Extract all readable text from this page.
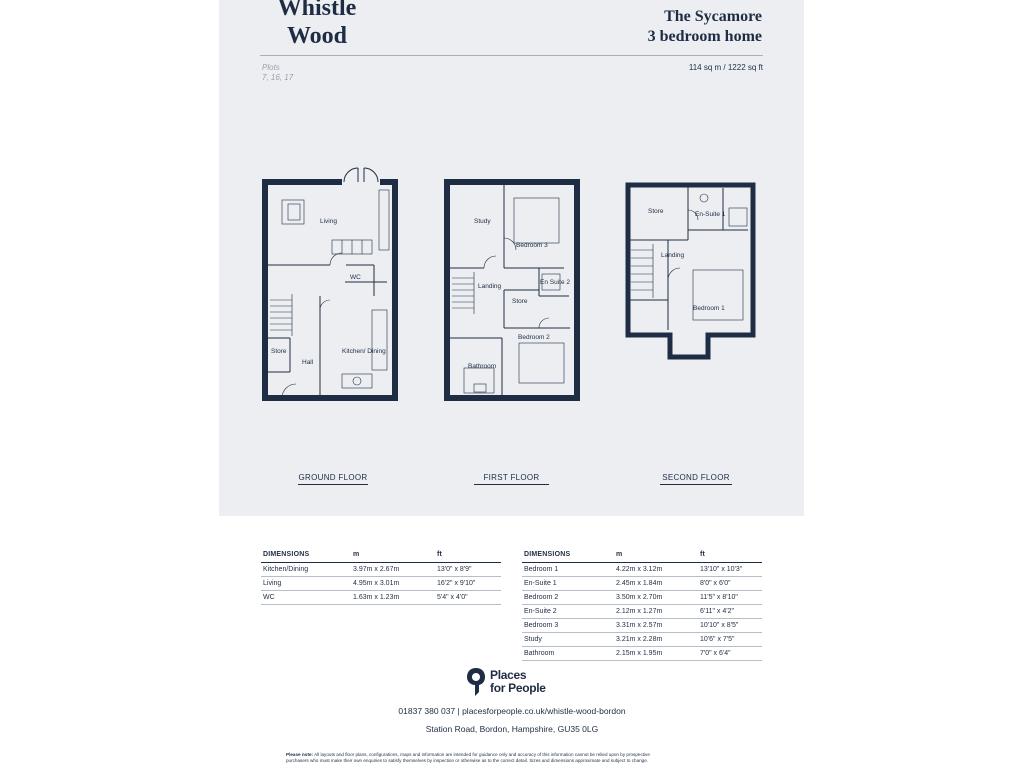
Whistle
Wood
The Sycamore
3 bedroom home
Plots
7, 16, 17
114 sq m / 1222 sq ft
Living
WC
Store
Hall
Kitchen/ Dining
Study
Bedroom 3
Landing
En Suite 2
Store
Bedroom 2
Bathroom
Store	En-Suite 1
Landing
Bedroom 1
GROUND FLOOR	FIRST FLOOR	SECOND FLOOR
DIMENSIONS	m	ft
Kitchen/Dining	3.97m x 2.67m	13'0" x 8'9"
Living	4.95m x 3.01m	16'2" x 9'10"
WC	1.63m x 1.23m	5'4" x 4'0"
DIMENSIONS	m	ft
Bedroom 1	4.22m x 3.12m	13'10" x 10'3"
En-Suite 1	2.45m x 1.84m	8'0" x 6'0"
Bedroom 2	3.50m x 2.70m	11'5" x 8'10"
En-Suite 2	2.12m x 1.27m	6'11" x 4'2"
Bedroom 3	3.31m x 2.57m	10'10" x 8'5"
Study	3.21m x 2.28m	10'6" x 7'5"
Bathroom	2.15m x 1.95m	7'0" x 6'4"
Places
for People
01837 380 037 | placesforpeople.co.uk/whistle-wood-bordon
Station Road, Bordon, Hampshire, GU35 0LG
Please note: All layouts and floor plans, configurations, maps and information are intended for guidance only and accuracy of this information cannot be relied upon by prospective
purchasers who must make their own enquiries to satisfy themselves by inspection or otherwise as to the correct detail. Sizes and dimensions approximate and subject to change.
